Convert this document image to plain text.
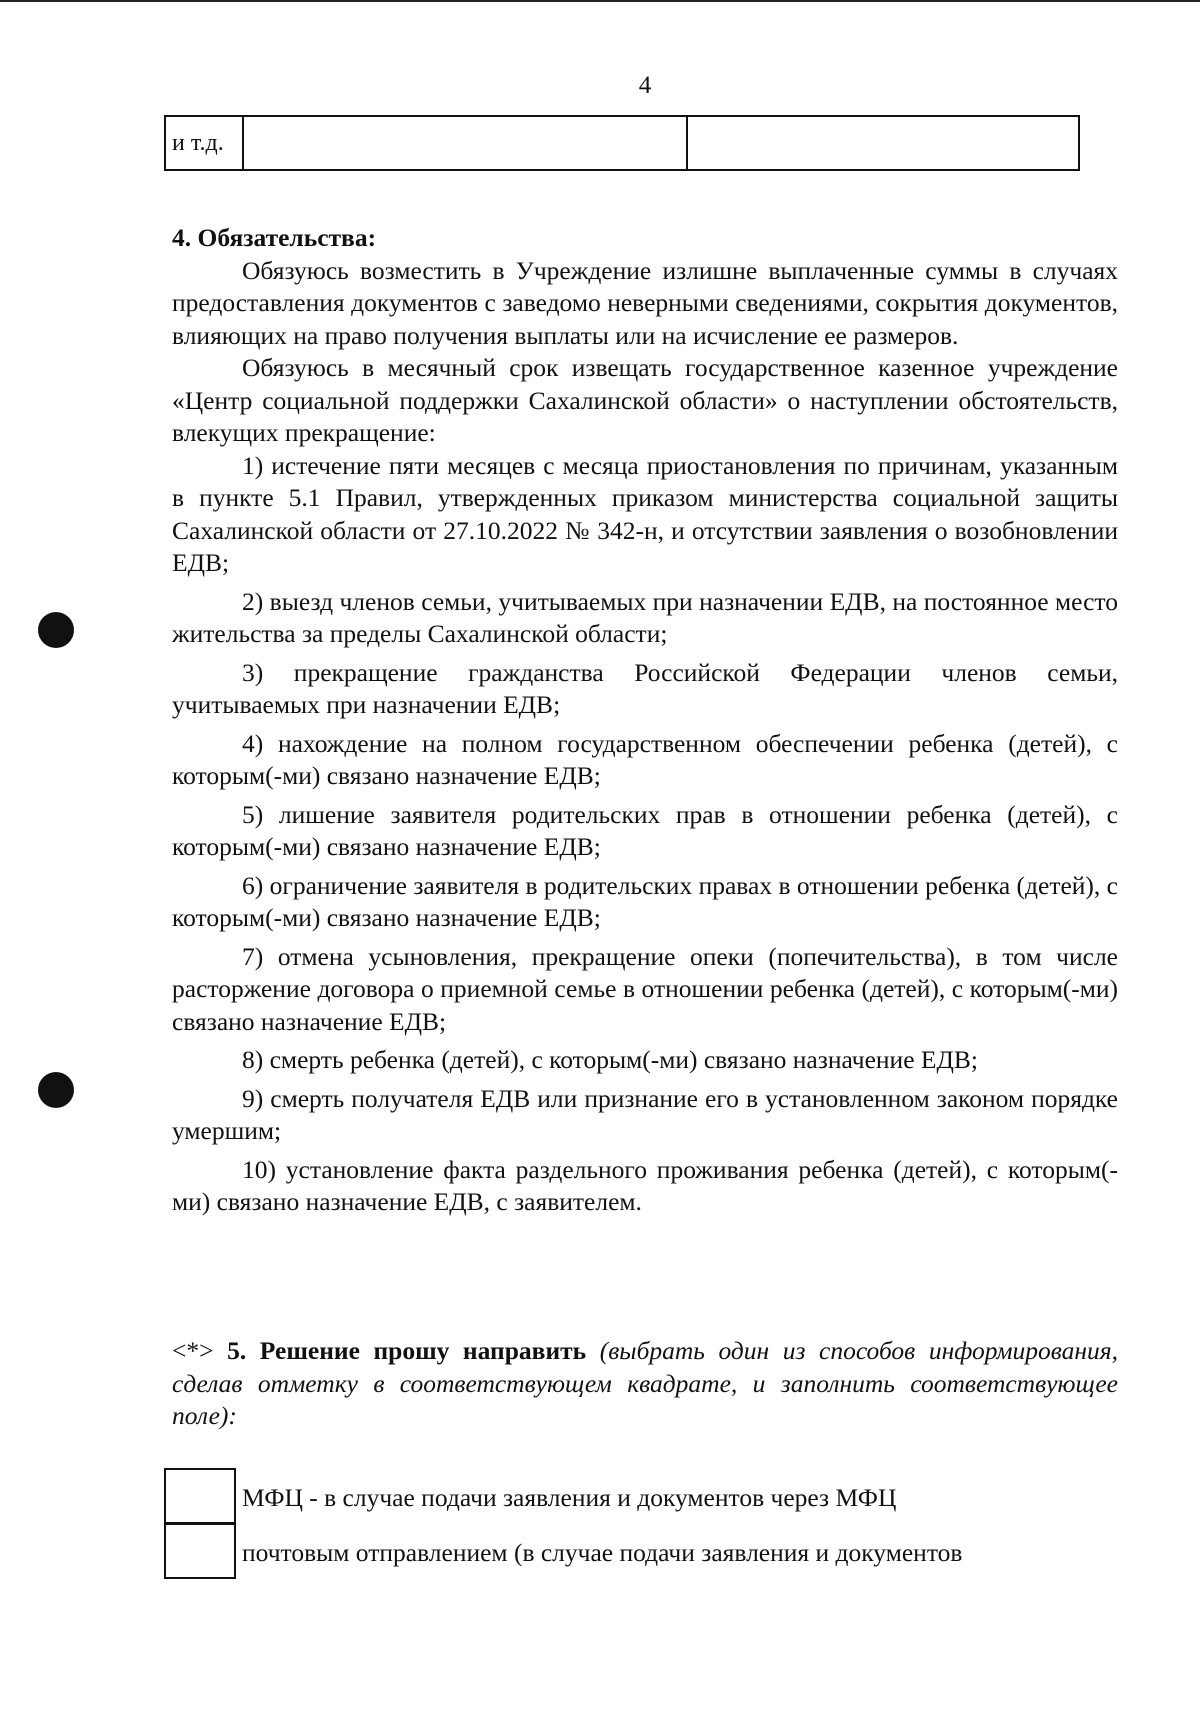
4
и т.д.

4. Обязательства:

Обязуюсь возместить в Учреждение излишне выплаченные суммы в случаях предоставления документов с заведомо неверными сведениями, сокрытия документов, влияющих на право получения выплаты или на исчисление ее размеров.

Обязуюсь в месячный срок извещать государственное казенное учреждение «Центр социальной поддержки Сахалинской области» о наступлении обстоятельств, влекущих прекращение:

1) истечение пяти месяцев с месяца приостановления по причинам, указанным в пункте 5.1 Правил, утвержденных приказом министерства социальной защиты Сахалинской области от 27.10.2022 № 342-н, и отсутствии заявления о возобновлении ЕДВ;

2) выезд членов семьи, учитываемых при назначении ЕДВ, на постоянное место жительства за пределы Сахалинской области;

3) прекращение гражданства Российской Федерации членов семьи, учитываемых при назначении ЕДВ;

4) нахождение на полном государственном обеспечении ребенка (детей), с которым(-ми) связано назначение ЕДВ;

5) лишение заявителя родительских прав в отношении ребенка (детей), с которым(-ми) связано назначение ЕДВ;

6) ограничение заявителя в родительских правах в отношении ребенка (детей), с которым(-ми) связано назначение ЕДВ;

7) отмена усыновления, прекращение опеки (попечительства), в том числе расторжение договора о приемной семье в отношении ребенка (детей), с которым(-ми) связано назначение ЕДВ;

8) смерть ребенка (детей), с которым(-ми) связано назначение ЕДВ;

9) смерть получателя ЕДВ или признание его в установленном законом порядке умершим;

10) установление факта раздельного проживания ребенка (детей), с которым(-ми) связано назначение ЕДВ, с заявителем.

<*> 5. Решение прошу направить (выбрать один из способов информирования, сделав отметку в соответствующем квадрате, и заполнить соответствующее поле):
МФЦ - в случае подачи заявления и документов через МФЦ
почтовым отправлением (в случае подачи заявления и документов
